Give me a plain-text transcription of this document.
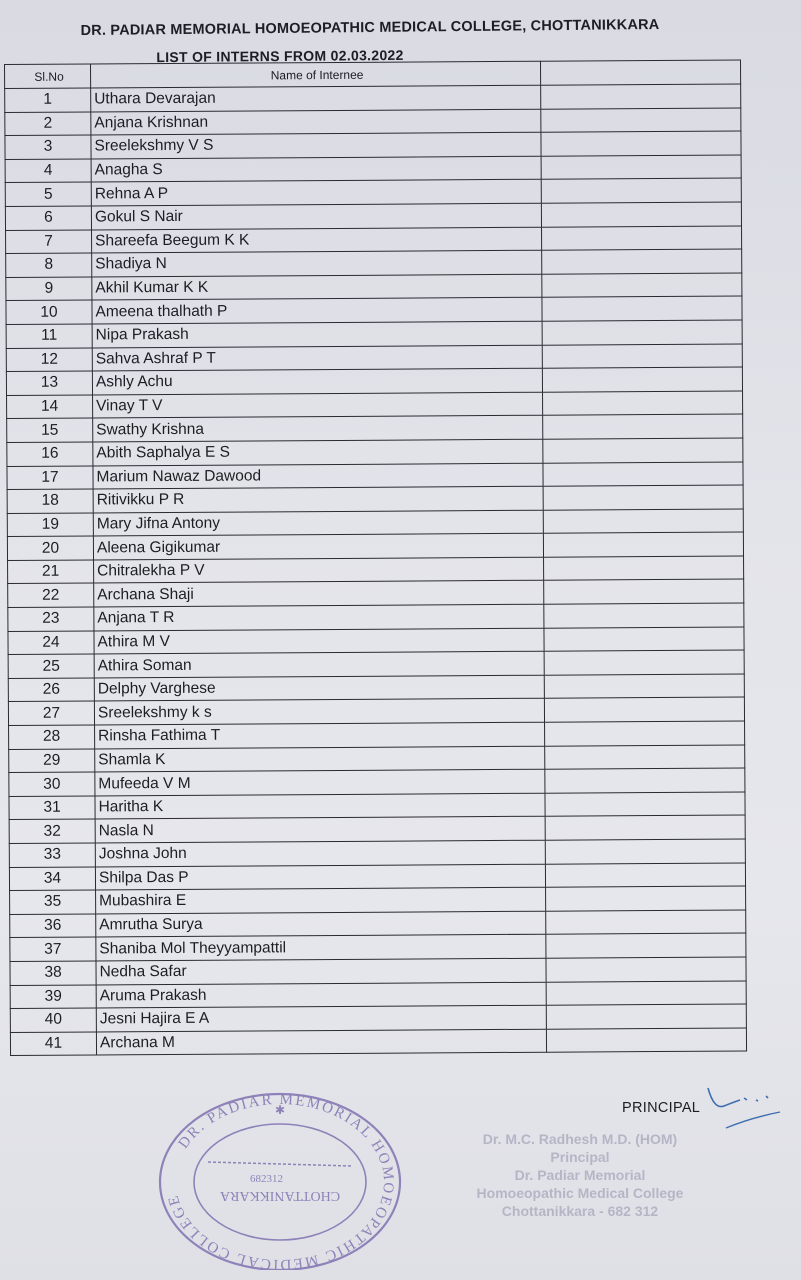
DR. PADIAR MEMORIAL HOMOEOPATHIC MEDICAL COLLEGE, CHOTTANIKKARA
LIST OF INTERNS FROM 02.03.2022
Sl.No	Name of Internee	
1	Uthara Devarajan	
2	Anjana Krishnan	
3	Sreelekshmy V S	
4	Anagha S	
5	Rehna A P	
6	Gokul S Nair	
7	Shareefa Beegum K K	
8	Shadiya N	
9	Akhil Kumar K K	
10	Ameena thalhath P	
11	Nipa Prakash	
12	Sahva Ashraf P T	
13	Ashly Achu	
14	Vinay T V	
15	Swathy Krishna	
16	Abith Saphalya E S	
17	Marium Nawaz Dawood	
18	Ritivikku P R	
19	Mary Jifna Antony	
20	Aleena Gigikumar	
21	Chitralekha P V	
22	Archana Shaji	
23	Anjana T R	
24	Athira M V	
25	Athira Soman	
26	Delphy Varghese	
27	Sreelekshmy k s	
28	Rinsha Fathima T	
29	Shamla K	
30	Mufeeda V M	
31	Haritha K	
32	Nasla N	
33	Joshna John	
34	Shilpa Das P	
35	Mubashira E	
36	Amrutha Surya	
37	Shaniba Mol Theyyampattil	
38	Nedha Safar	
39	Aruma Prakash	
40	Jesni Hajira E A	
41	Archana M	
PRINCIPAL
Dr. M.C. Radhesh M.D. (HOM)
Principal
Dr. Padiar Memorial
Homoeopathic Medical College
Chottanikkara - 682 312
DR. PADIAR MEMORIAL HOMOEOPATHIC MEDICAL COLLEGE
682312
CHOTTANIKKARA
✱
